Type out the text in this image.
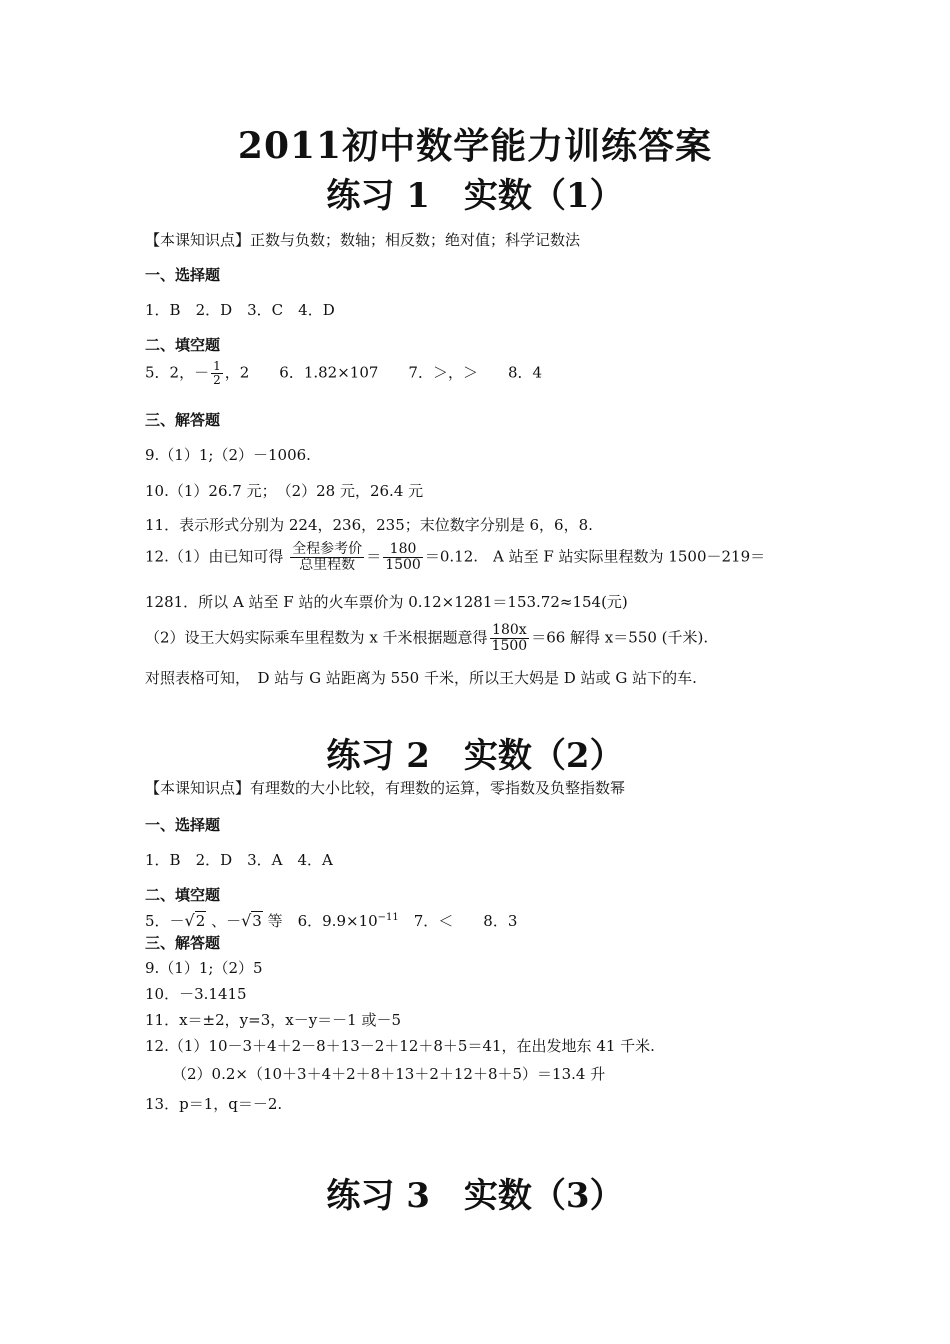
2011初中数学能力训练答案
练习 1　实数（1）
【本课知识点】正数与负数；数轴；相反数；绝对值；科学记数法
一、选择题
1．B　2．D　3．C　4．D
二、填空题
5．2，－ $\frac{1}{2}$ ，2　　6．1.82×107　　7．＞，＞　　8．4
三、解答题
9.（1）1;（2）－1006.
10.（1）26.7 元；　（2）28 元，26.4 元
11．表示形式分别为 224，236，235；末位数字分别是 6，6，8.
12.（1）由已知可得 $\frac{\text{全程参考价}}{\text{总里程数}} = \frac{180}{1500} =0.12$.　A 站至 F 站实际里程数为 1500－219＝
1281．所以 A 站至 F 站的火车票价为 0.12×1281＝153.72≈154(元)
（2）设王大妈实际乘车里程数为 x 千米根据题意得 $\frac{180x}{1500} =66$ 解得 x＝550 (千米).
对照表格可知，　D 站与 G 站距离为 550 千米，所以王大妈是 D 站或 G 站下的车.
练习 2　实数（2）
【本课知识点】有理数的大小比较，有理数的运算，零指数及负整指数幂
一、选择题
1．B　2．D　3．A　4．A
二、填空题
5．－√2 、－√3 等　6．$9.9\times 10^{-11}$　7．＜　　8．3
三、解答题
9.（1）1;（2）5
10．－3.1415
11．x＝±2，y=3，x－y＝－1 或－5
12.（1）10－3＋4＋2－8＋13－2＋12＋8＋5＝41，在出发地东 41 千米.
（2）0.2×（10＋3＋4＋2＋8＋13＋2＋12＋8＋5）＝13.4 升
13．p＝1，q＝－2.
练习 3　实数（3）
